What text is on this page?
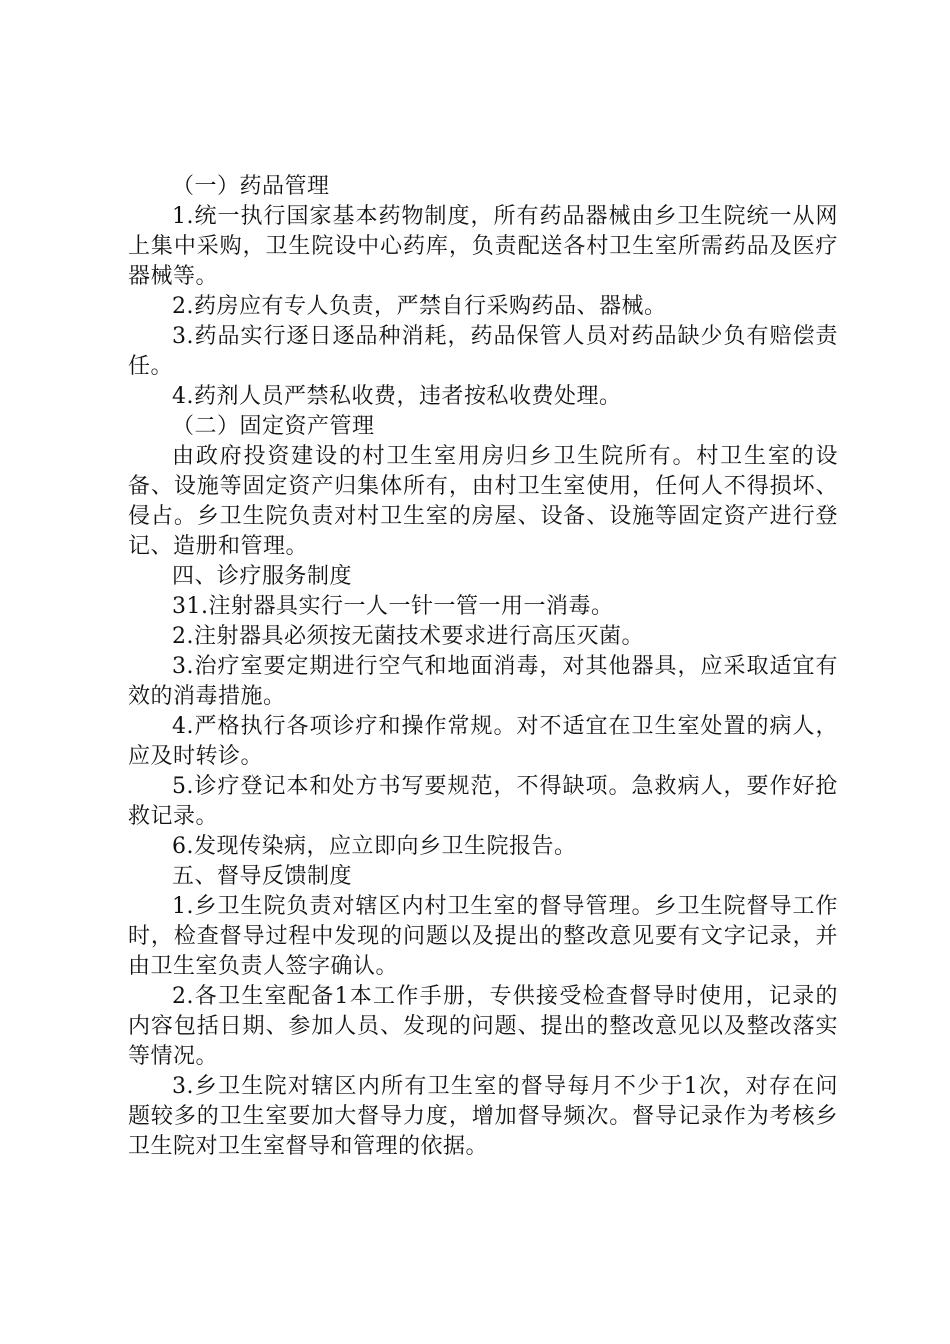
（一）药品管理

1.统一执行国家基本药物制度，所有药品器械由乡卫生院统一从网上集中采购，卫生院设中心药库，负责配送各村卫生室所需药品及医疗器械等。

2.药房应有专人负责，严禁自行采购药品、器械。

3.药品实行逐日逐品种消耗，药品保管人员对药品缺少负有赔偿责任。

4.药剂人员严禁私收费，违者按私收费处理。

（二）固定资产管理

由政府投资建设的村卫生室用房归乡卫生院所有。村卫生室的设备、设施等固定资产归集体所有，由村卫生室使用，任何人不得损坏、侵占。乡卫生院负责对村卫生室的房屋、设备、设施等固定资产进行登记、造册和管理。

四、诊疗服务制度

31.注射器具实行一人一针一管一用一消毒。

2.注射器具必须按无菌技术要求进行高压灭菌。

3.治疗室要定期进行空气和地面消毒，对其他器具，应采取适宜有效的消毒措施。

4.严格执行各项诊疗和操作常规。对不适宜在卫生室处置的病人，应及时转诊。

5.诊疗登记本和处方书写要规范，不得缺项。急救病人，要作好抢救记录。

6.发现传染病，应立即向乡卫生院报告。

五、督导反馈制度

1.乡卫生院负责对辖区内村卫生室的督导管理。乡卫生院督导工作时，检查督导过程中发现的问题以及提出的整改意见要有文字记录，并由卫生室负责人签字确认。

2.各卫生室配备1本工作手册，专供接受检查督导时使用，记录的内容包括日期、参加人员、发现的问题、提出的整改意见以及整改落实等情况。

3.乡卫生院对辖区内所有卫生室的督导每月不少于1次，对存在问题较多的卫生室要加大督导力度，增加督导频次。督导记录作为考核乡卫生院对卫生室督导和管理的依据。
